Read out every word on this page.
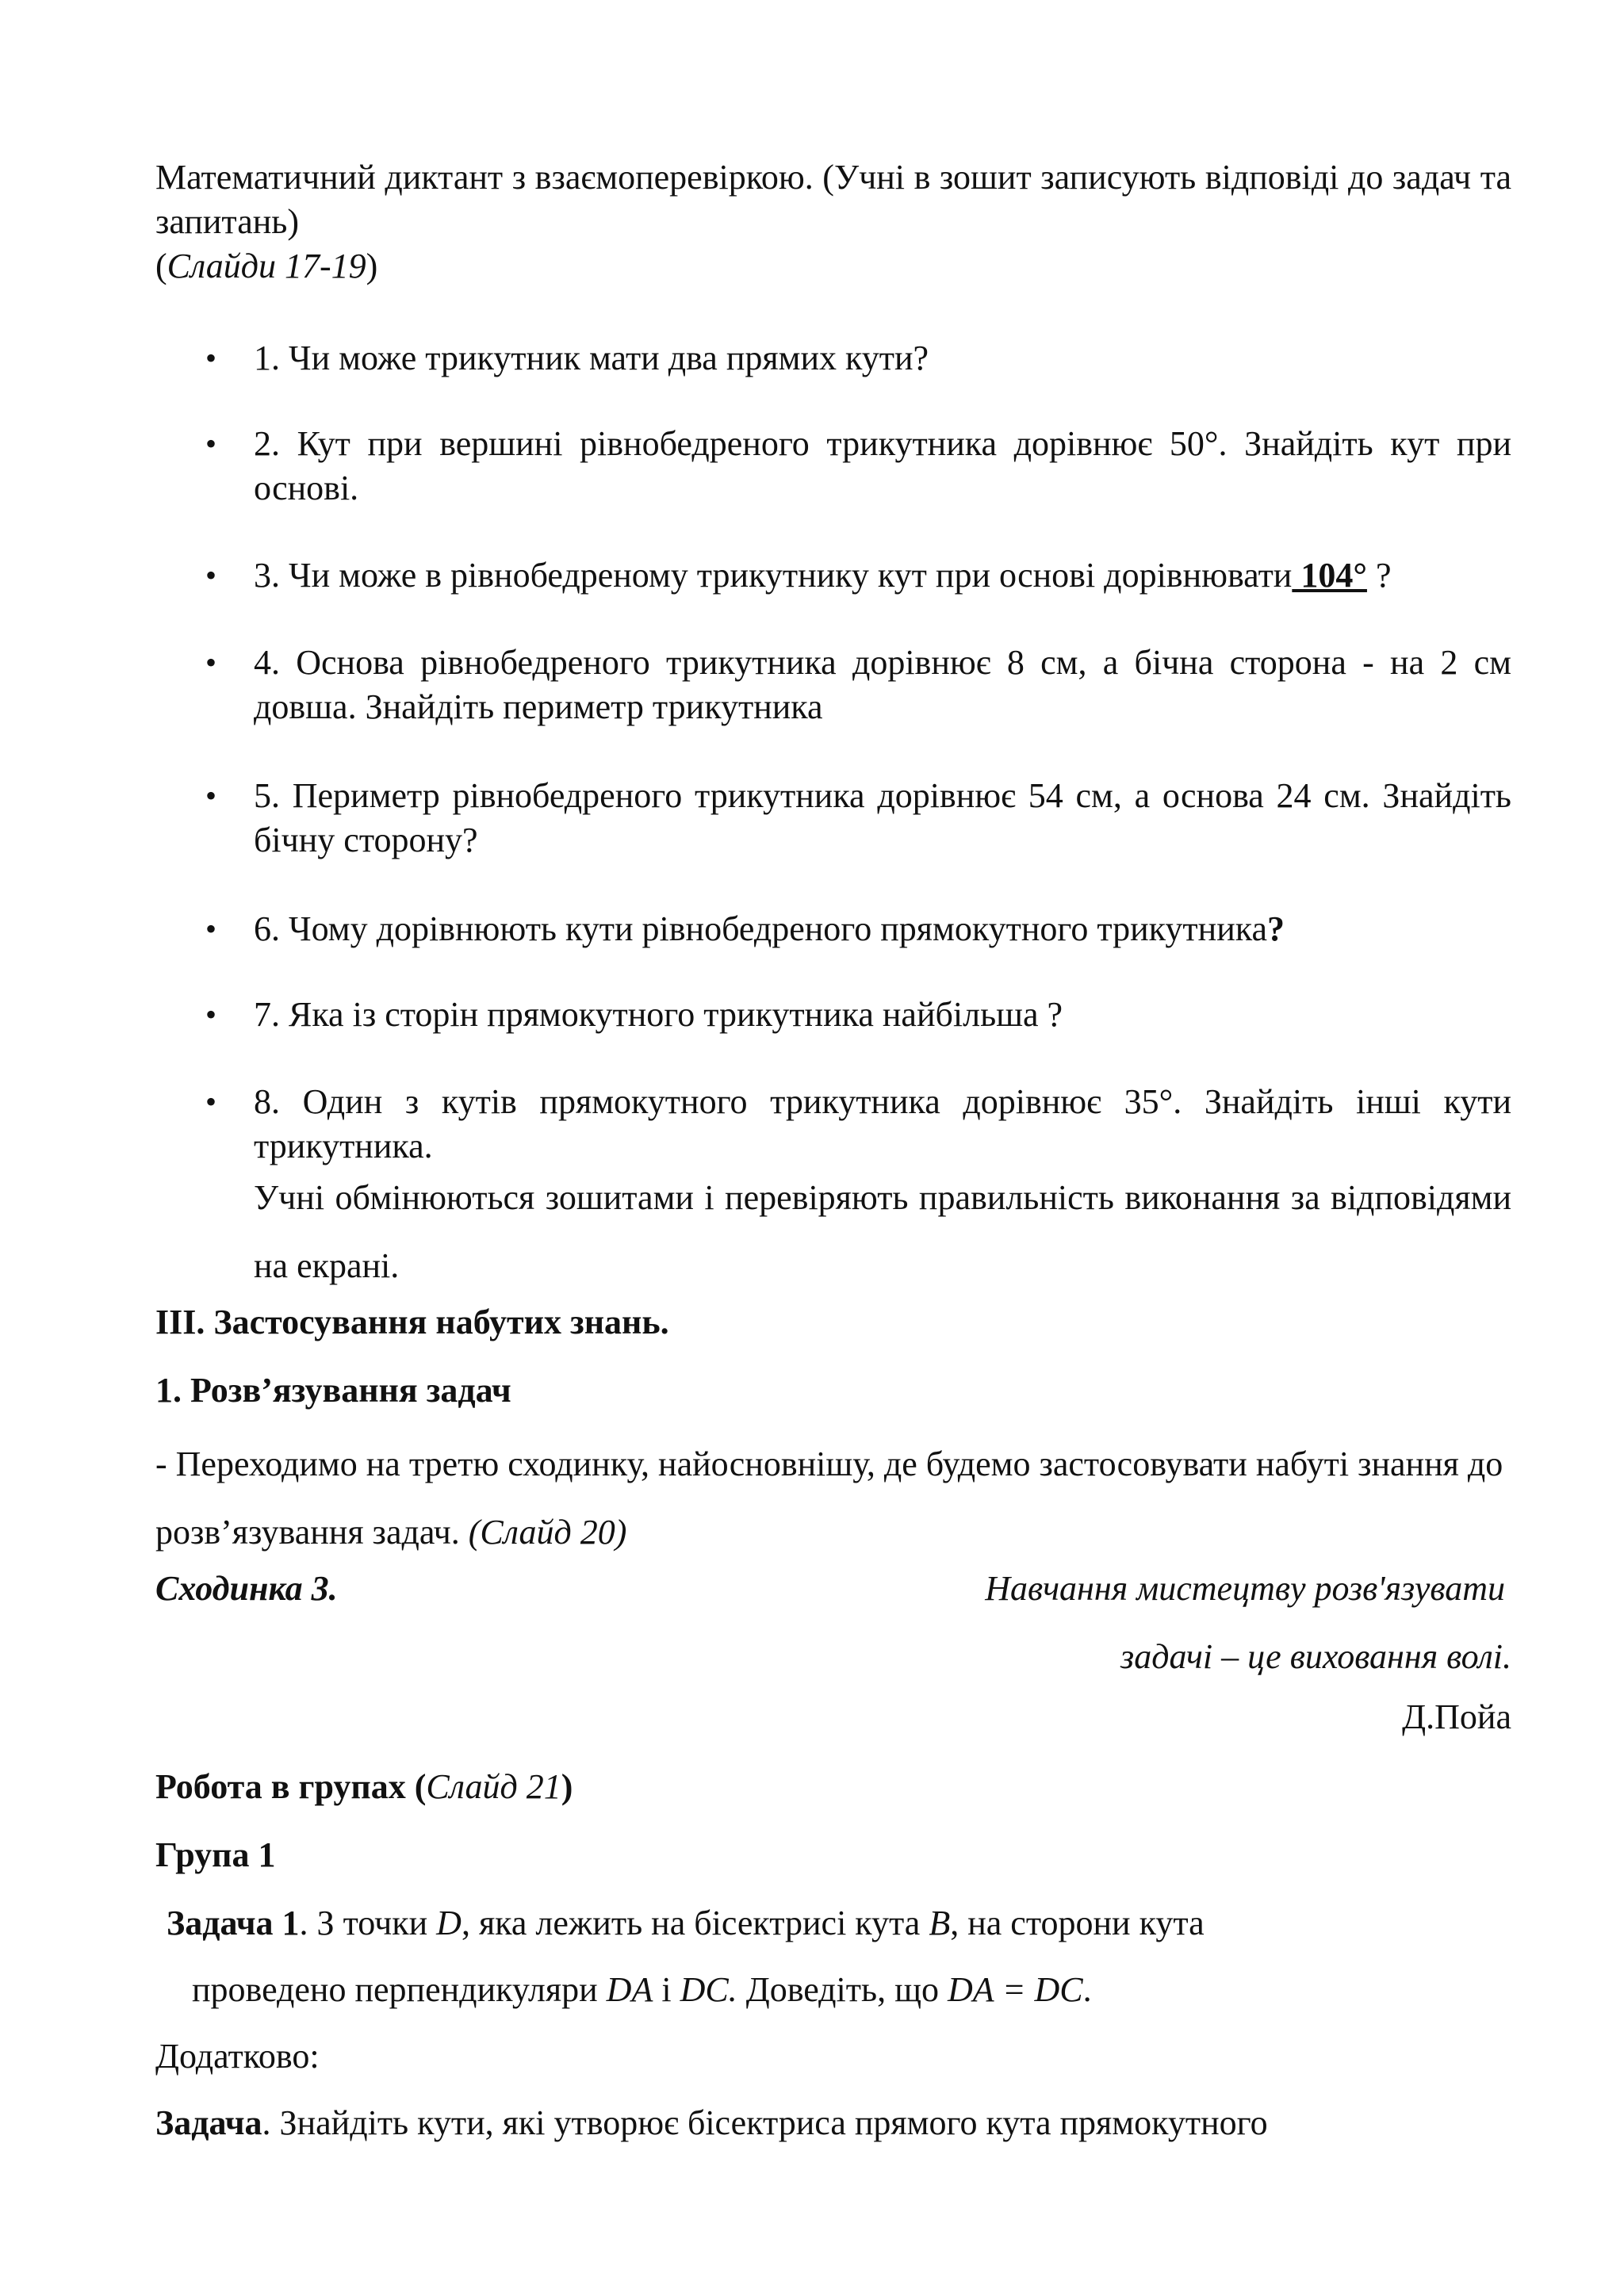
Математичний диктант з взаємоперевіркою. (Учні в зошит записують відповіді до задач та запитань)
(Слайди 17-19)
• 1. Чи може трикутник мати два прямих кути?
• 2. Кут при вершині рівнобедреного трикутника дорівнює 50°. Знайдіть кут при основі.
• 3. Чи може в рівнобедреному трикутнику кут при основі дорівнювати 104° ?
• 4. Основа рівнобедреного трикутника дорівнює 8 см, а бічна сторона - на 2 см довша. Знайдіть периметр трикутника
• 5. Периметр рівнобедреного трикутника дорівнює 54 см, а основа 24 см. Знайдіть бічну сторону?
• 6. Чому дорівнюють кути рівнобедреного прямокутного трикутника?
• 7. Яка із сторін прямокутного трикутника найбільша ?
• 8. Один з кутів прямокутного трикутника дорівнює 35°. Знайдіть інші кути трикутника.
Учні обмінюються зошитами і перевіряють правильність виконання за відповідями на екрані.
III. Застосування набутих знань.
1. Розв’язування задач
- Переходимо на третю сходинку, найосновнішу, де будемо застосовувати набуті знання до розв’язування задач. (Слайд 20)
Сходинка 3.	Навчання мистецтву розв'язувати
задачі – це виховання волі.
Д.Пойа
Робота в групах (Слайд 21)
Група 1
Задача 1. З точки D, яка лежить на бісектрисі кута B, на сторони кута
проведено перпендикуляри DA і DC. Доведіть, що DA = DC.
Додатково:
Задача. Знайдіть кути, які утворює бісектриса прямого кута прямокутного
